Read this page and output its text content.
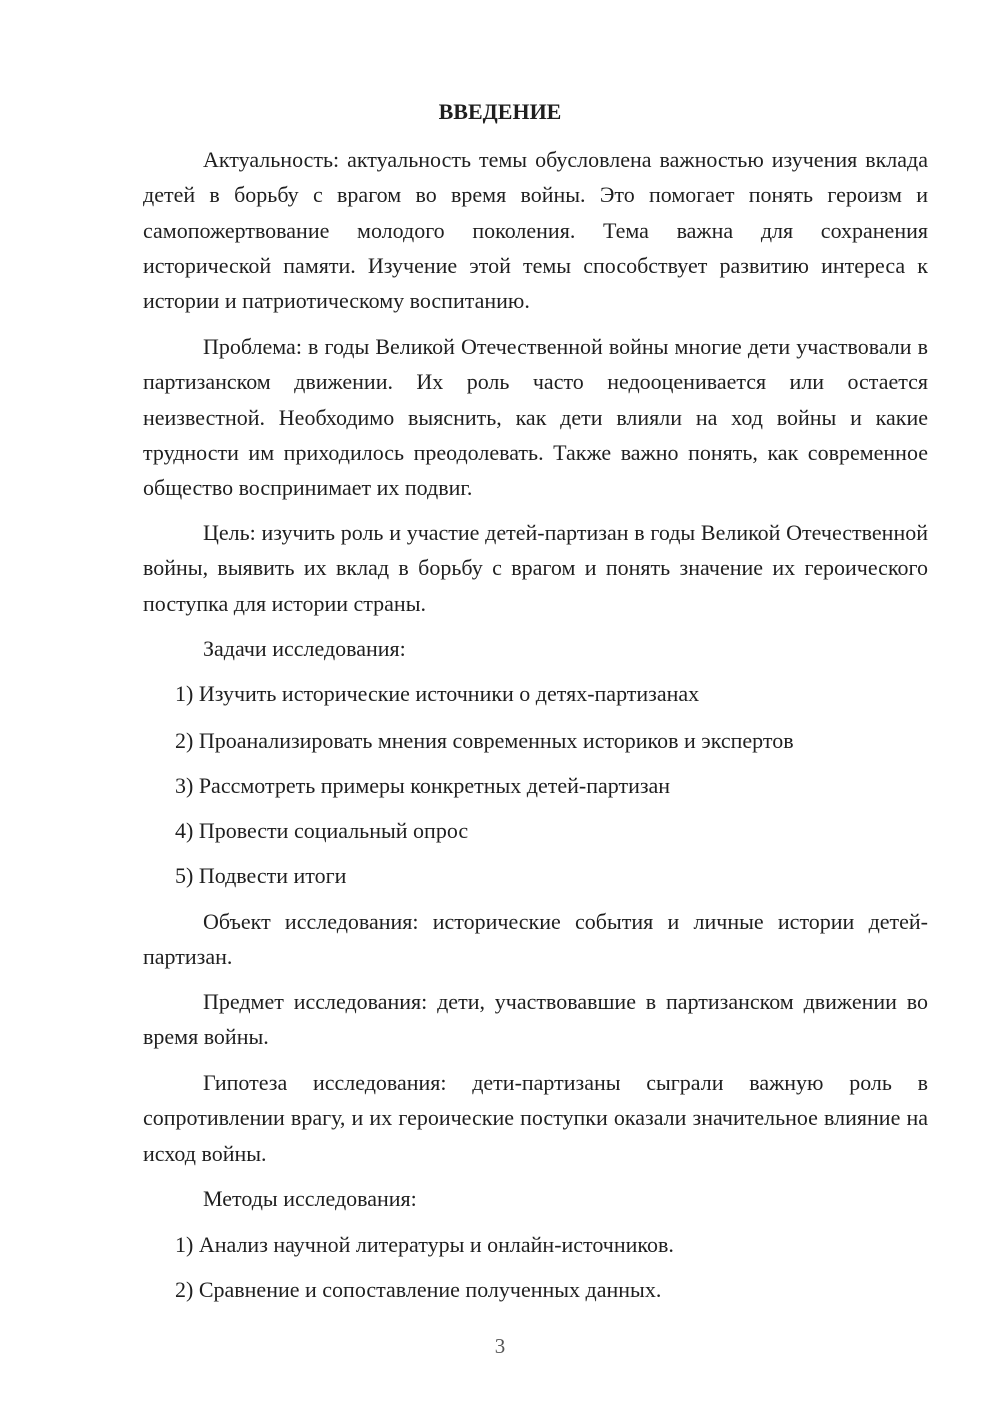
ВВЕДЕНИЕ

Актуальность: актуальность темы обусловлена важностью изучения вклада детей в борьбу с врагом во время войны. Это помогает понять героизм и самопожертвование молодого поколения. Тема важна для сохранения исторической памяти. Изучение этой темы способствует развитию интереса к истории и патриотическому воспитанию.

Проблема: в годы Великой Отечественной войны многие дети участвовали в партизанском движении. Их роль часто недооценивается или остается неизвестной. Необходимо выяснить, как дети влияли на ход войны и какие трудности им приходилось преодолевать. Также важно понять, как современное общество воспринимает их подвиг.

Цель: изучить роль и участие детей-партизан в годы Великой Отечественной войны, выявить их вклад в борьбу с врагом и понять значение их героического поступка для истории страны.

Задачи исследования:

1) Изучить исторические источники о детях-партизанах

2) Проанализировать мнения современных историков и экспертов

3) Рассмотреть примеры конкретных детей-партизан

4) Провести социальный опрос

5) Подвести итоги

Объект исследования: исторические события и личные истории детей-партизан.

Предмет исследования: дети, участвовавшие в партизанском движении во время войны.

Гипотеза исследования: дети-партизаны сыграли важную роль в сопротивлении врагу, и их героические поступки оказали значительное влияние на исход войны.

Методы исследования:

1) Анализ научной литературы и онлайн-источников.

2) Сравнение и сопоставление полученных данных.

3
